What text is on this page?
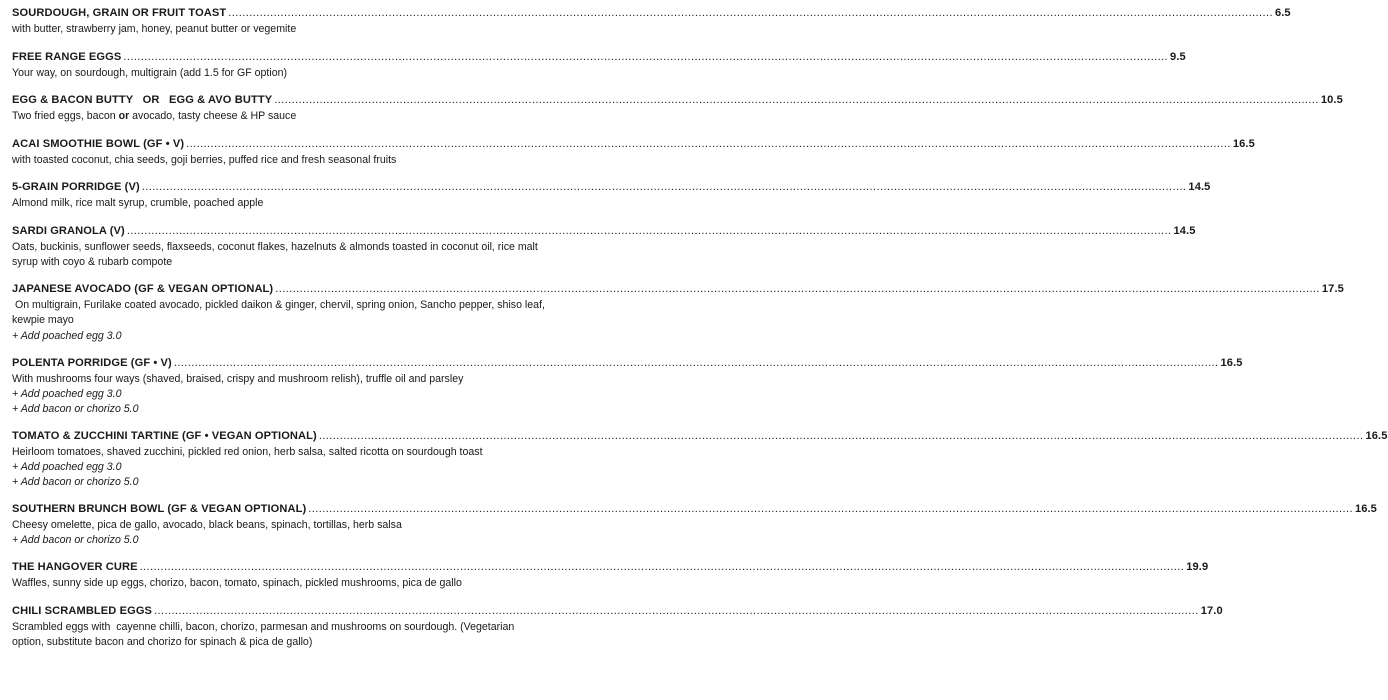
SOURDOUGH, GRAIN OR FRUIT TOAST ............................................................................................................................................................................................................................................................................................................ 6.5
with butter, strawberry jam, honey, peanut butter or vegemite
FREE RANGE EGGS ............................................................................................................................................................................................................................................................................................................ 9.5
Your way, on sourdough, multigrain (add 1.5 for GF option)
EGG & BACON BUTTY   OR   EGG & AVO BUTTY ............................................................................................................................................................................................................................................................................................................ 10.5
Two fried eggs, bacon or avocado, tasty cheese & HP sauce
ACAI SMOOTHIE BOWL (GF • V) ............................................................................................................................................................................................................................................................................................................ 16.5
with toasted coconut, chia seeds, goji berries, puffed rice and fresh seasonal fruits
5-GRAIN PORRIDGE (V) ............................................................................................................................................................................................................................................................................................................ 14.5
Almond milk, rice malt syrup, crumble, poached apple
SARDI GRANOLA (V) ............................................................................................................................................................................................................................................................................................................ 14.5
Oats, buckinis, sunflower seeds, flaxseeds, coconut flakes, hazelnuts & almonds toasted in coconut oil, rice malt syrup with coyo & rubarb compote
JAPANESE AVOCADO (GF & VEGAN OPTIONAL) ............................................................................................................................................................................................................................................................................................................ 17.5
On multigrain, Furilake coated avocado, pickled daikon & ginger, chervil, spring onion, Sancho pepper, shiso leaf, kewpie mayo
+ Add poached egg 3.0
POLENTA PORRIDGE (GF • V) ............................................................................................................................................................................................................................................................................................................ 16.5
With mushrooms four ways (shaved, braised, crispy and mushroom relish), truffle oil and parsley
+ Add poached egg 3.0
+ Add bacon or chorizo 5.0
TOMATO & ZUCCHINI TARTINE (GF • VEGAN OPTIONAL) ............................................................................................................................................................................................................................................................................................................ 16.5
Heirloom tomatoes, shaved zucchini, pickled red onion, herb salsa, salted ricotta on sourdough toast
+ Add poached egg 3.0
+ Add bacon or chorizo 5.0
SOUTHERN BRUNCH BOWL (GF & VEGAN OPTIONAL) ............................................................................................................................................................................................................................................................................................................ 16.5
Cheesy omelette, pica de gallo, avocado, black beans, spinach, tortillas, herb salsa
+ Add bacon or chorizo 5.0
THE HANGOVER CURE ............................................................................................................................................................................................................................................................................................................ 19.9
Waffles, sunny side up eggs, chorizo, bacon, tomato, spinach, pickled mushrooms, pica de gallo
CHILI SCRAMBLED EGGS ............................................................................................................................................................................................................................................................................................................ 17.0
Scrambled eggs with  cayenne chilli, bacon, chorizo, parmesan and mushrooms on sourdough. (Vegetarian option, substitute bacon and chorizo for spinach & pica de gallo)
